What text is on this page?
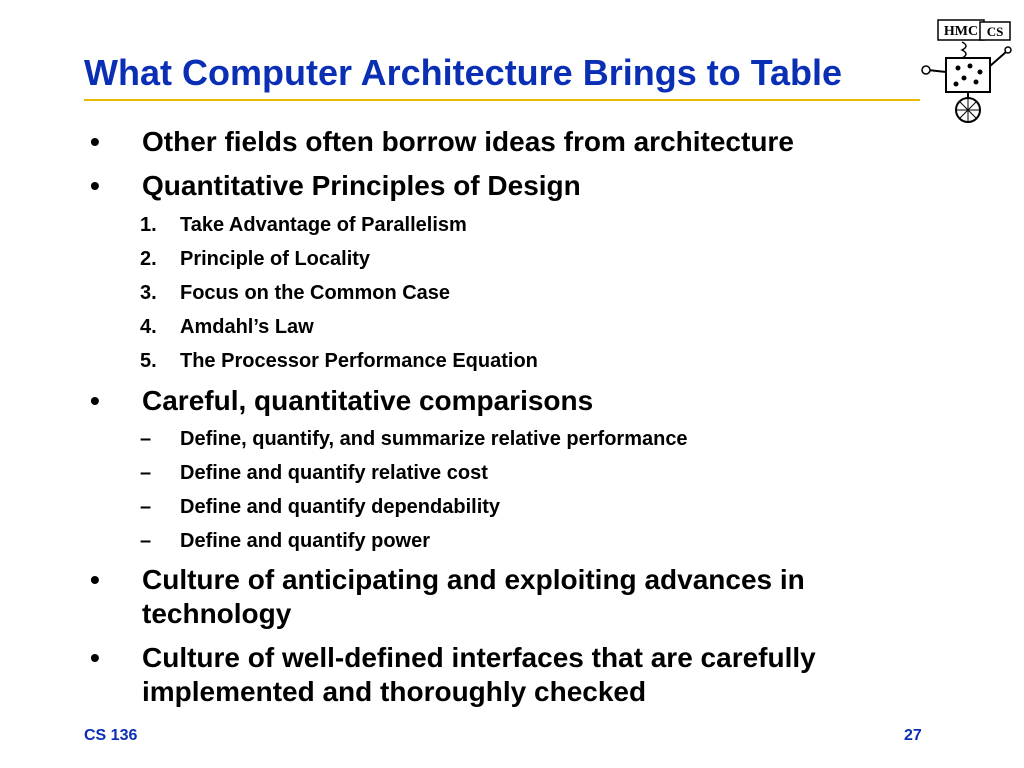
What Computer Architecture Brings to Table
HMC CS
• Other fields often borrow ideas from architecture
• Quantitative Principles of Design
1. Take Advantage of Parallelism
2. Principle of Locality
3. Focus on the Common Case
4. Amdahl’s Law
5. The Processor Performance Equation
• Careful, quantitative comparisons
– Define, quantify, and summarize relative performance
– Define and quantify relative cost
– Define and quantify dependability
– Define and quantify power
• Culture of anticipating and exploiting advances in
technology
• Culture of well-defined interfaces that are carefully
implemented and thoroughly checked
CS 136	27
